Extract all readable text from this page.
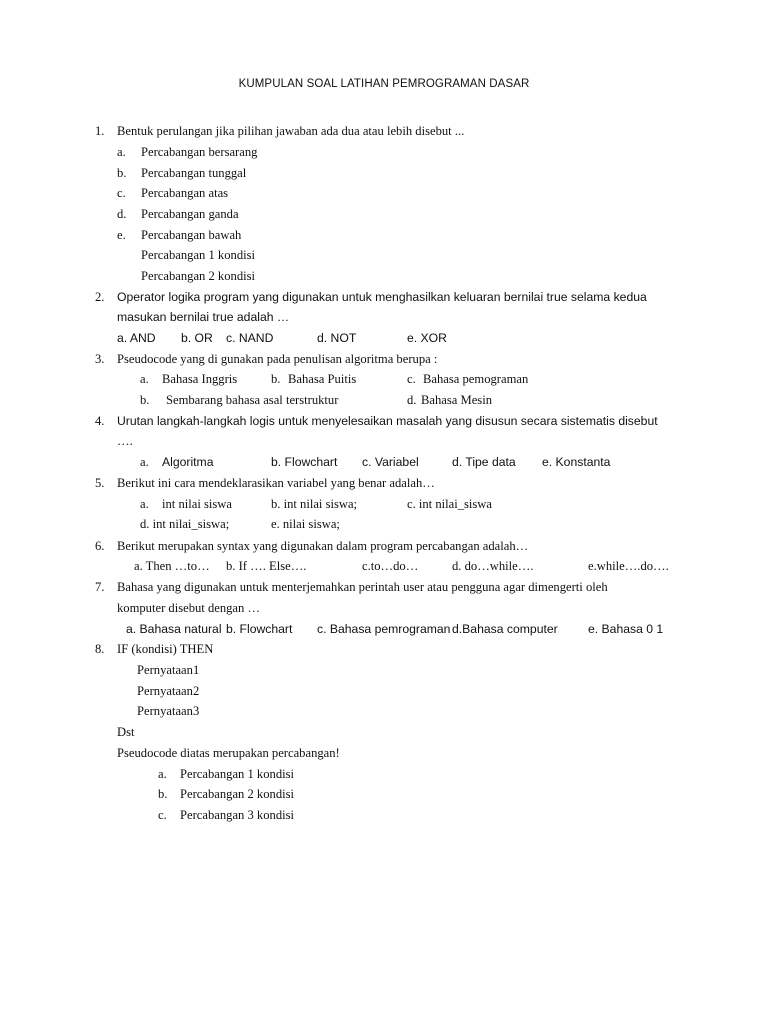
KUMPULAN SOAL LATIHAN PEMROGRAMAN DASAR
1. Bentuk perulangan jika pilihan jawaban ada dua atau lebih disebut ...
a. Percabangan bersarang
b. Percabangan tunggal
c. Percabangan atas
d. Percabangan ganda
e. Percabangan bawah
Percabangan 1 kondisi
Percabangan 2 kondisi
2. Operator logika program yang digunakan untuk menghasilkan keluaran bernilai true selama kedua
masukan bernilai true adalah …
a. AND b. OR c. NAND	d. NOT	e. XOR
3. Pseudocode yang di gunakan pada penulisan algoritma berupa :
a. Bahasa Inggris	b. Bahasa Puitis	c. Bahasa pemograman
b. Sembarang bahasa asal terstruktur	d. Bahasa Mesin
4. Urutan langkah-langkah logis untuk menyelesaikan masalah yang disusun secara sistematis disebut
….
a. Algoritma	b. Flowchart c. Variabel	d. Tipe data e. Konstanta
5. Berikut ini cara mendeklarasikan variabel yang benar adalah…
a. int nilai siswa	b. int nilai siswa;	c. int nilai_siswa
d. int nilai_siswa;	e. nilai siswa;
6. Berikut merupakan syntax yang digunakan dalam program percabangan adalah…
a. Then …to… b. If …. Else….	c.to…do…	d. do…while….	e.while….do….
7. Bahasa yang digunakan untuk menterjemahkan perintah user atau pengguna agar dimengerti oleh
komputer disebut dengan …
a. Bahasa natural b. Flowchart c. Bahasa pemrograman d.Bahasa computer e. Bahasa 0 1
8. IF (kondisi) THEN
Pernyataan1
Pernyataan2
Pernyataan3
Dst
Pseudocode diatas merupakan percabangan!
a. Percabangan 1 kondisi
b. Percabangan 2 kondisi
c. Percabangan 3 kondisi
